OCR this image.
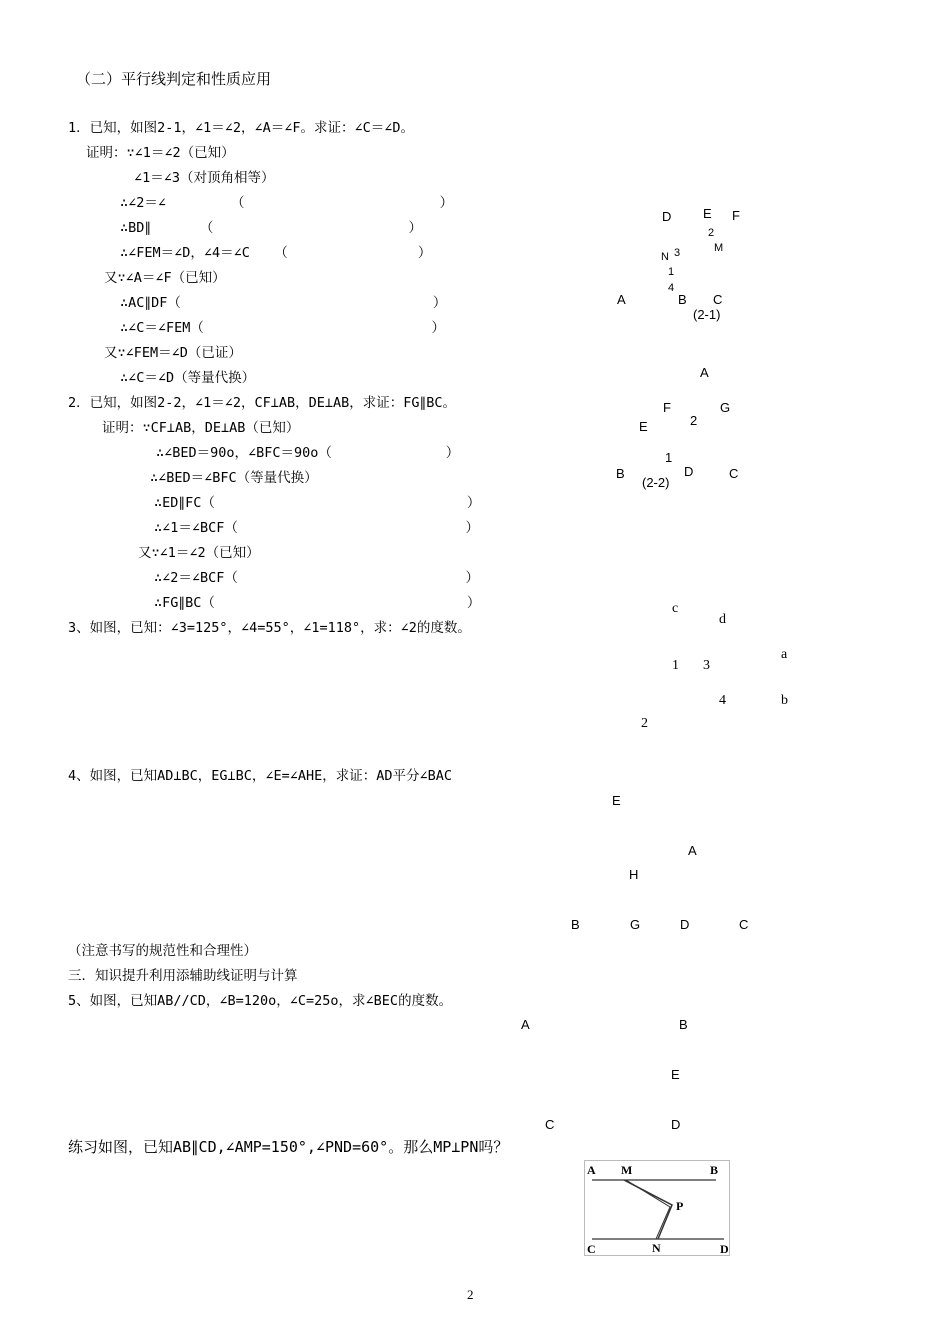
（二）平行线判定和性质应用
1．已知，如图2-1，∠1＝∠2，∠A＝∠F。求证：∠C＝∠D。
证明：∵∠1＝∠2（已知）
∠1＝∠3（对顶角相等）
∴∠2＝∠        （                        ）
∴BD∥      （                        ）
∴∠FEM＝∠D，∠4＝∠C   （                ）
又∵∠A＝∠F（已知）
∴AC∥DF（                               ）
∴∠C＝∠FEM（                            ）
又∵∠FEM＝∠D（已证）
∴∠C＝∠D（等量代换）
D E F
2
M
N 3
1
4
A	B C
(2-1)
2．已知，如图2-2，∠1＝∠2，CF⊥AB，DE⊥AB，求证：FG∥BC。
证明：∵CF⊥AB，DE⊥AB（已知）
∴∠BED＝90o，∠BFC＝90o（              ）
∴∠BED＝∠BFC（等量代换）
∴ED∥FC（                               ）
∴∠1＝∠BCF（                            ）
又∵∠1＝∠2（已知）
∴∠2＝∠BCF（                            ）
∴FG∥BC（                               ）
A
F	G
E	2
1
B	D	C
(2-2)
3、如图，已知：∠3=125°，∠4=55°，∠1=118°，求：∠2的度数。
c
d
a
1 3
4	b
2
4、如图，已知AD⊥BC，EG⊥BC，∠E=∠AHE，求证：AD平分∠BAC
E
A
H
B	G	D	C
（注意书写的规范性和合理性）
三．知识提升利用添辅助线证明与计算
5、如图，已知AB//CD，∠B=120o，∠C=25o，求∠BEC的度数。
A	B
E
C	D
练习如图，已知AB∥CD,∠AMP=150°,∠PND=60°。那么MP⊥PN吗？
A M	B
P
C	N	D
2
